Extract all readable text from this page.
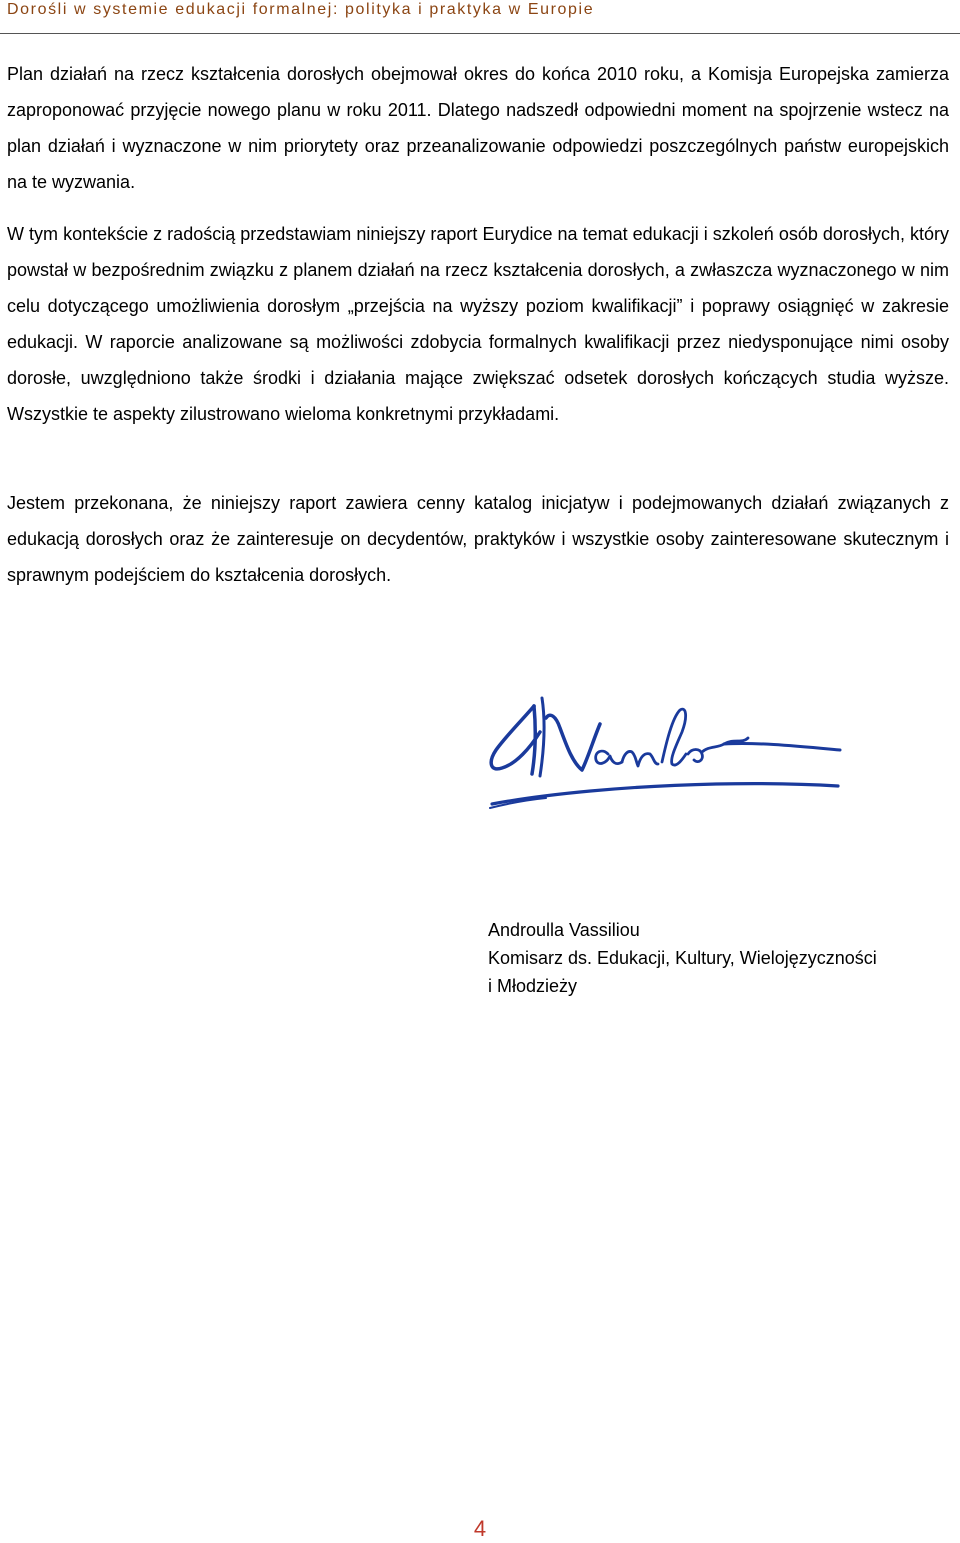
Dorośli w systemie edukacji formalnej: polityka i praktyka w Europie

Plan działań na rzecz kształcenia dorosłych obejmował okres do końca 2010 roku, a Komisja Europejska zamierza zaproponować przyjęcie nowego planu w roku 2011. Dlatego nadszedł odpowiedni moment na spojrzenie wstecz na plan działań i wyznaczone w nim priorytety oraz przeanalizowanie odpowiedzi poszczególnych państw europejskich na te wyzwania.

W tym kontekście z radością przedstawiam niniejszy raport Eurydice na temat edukacji i szkoleń osób dorosłych, który powstał w bezpośrednim związku z planem działań na rzecz kształcenia dorosłych, a zwłaszcza wyznaczonego w nim celu dotyczącego umożliwienia dorosłym „przejścia na wyższy poziom kwalifikacji” i poprawy osiągnięć w zakresie edukacji. W raporcie analizowane są możliwości zdobycia formalnych kwalifikacji przez niedysponujące nimi osoby dorosłe, uwzględniono także środki i działania mające zwiększać odsetek dorosłych kończących studia wyższe. Wszystkie te aspekty zilustrowano wieloma konkretnymi przykładami.

Jestem przekonana, że niniejszy raport zawiera cenny katalog inicjatyw i podejmowanych działań związanych z edukacją dorosłych oraz że zainteresuje on decydentów, praktyków i wszystkie osoby zainteresowane skutecznym i sprawnym podejściem do kształcenia dorosłych.

Androulla Vassiliou
Komisarz ds. Edukacji, Kultury, Wielojęzyczności
i Młodzieży
4
